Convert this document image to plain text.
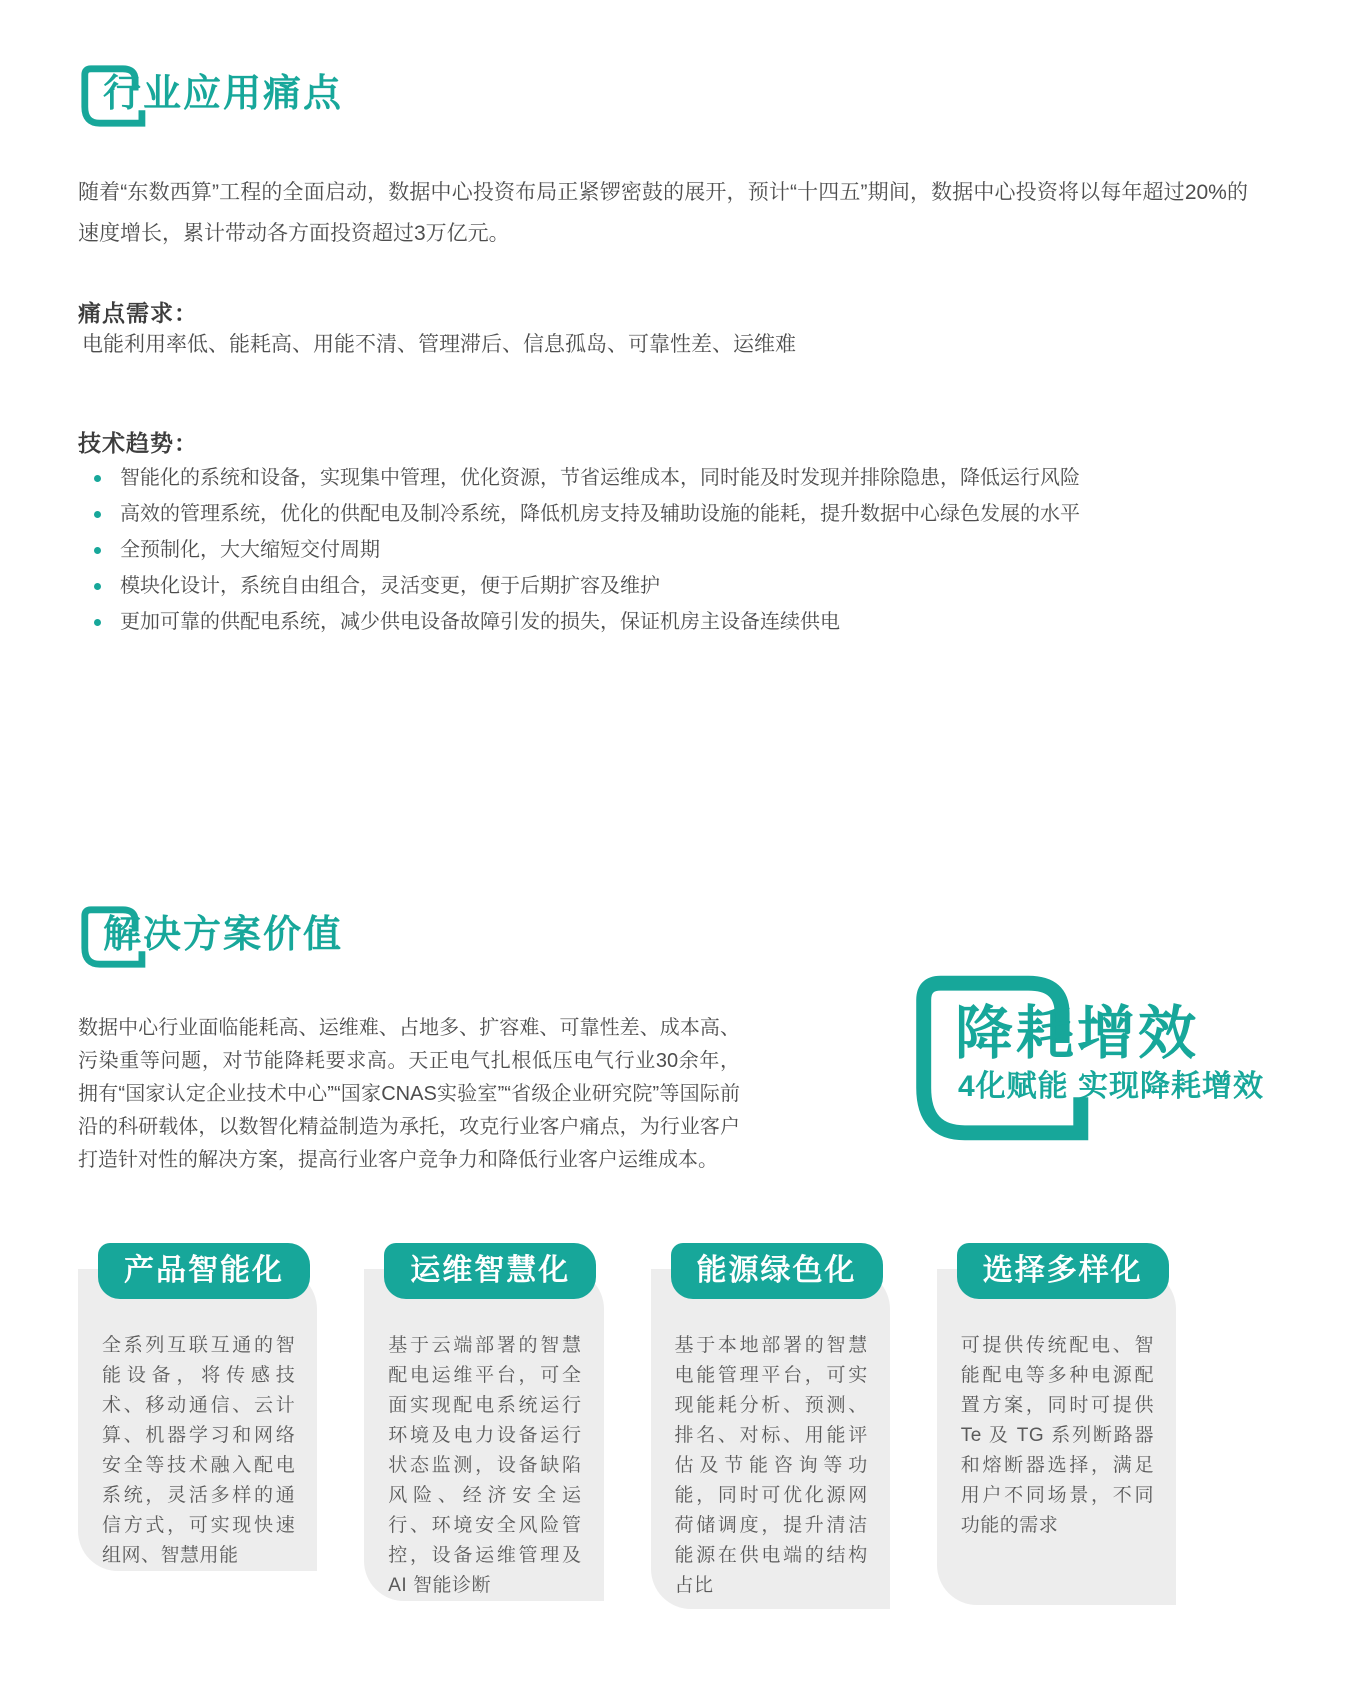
行业应用痛点

随着“东数西算”工程的全面启动，数据中心投资布局正紧锣密鼓的展开，预计“十四五”期间，数据中心投资将以每年超过20%的速度增长，累计带动各方面投资超过3万亿元。

痛点需求：

电能利用率低、能耗高、用能不清、管理滞后、信息孤岛、可靠性差、运维难

技术趋势：
智能化的系统和设备，实现集中管理，优化资源，节省运维成本，同时能及时发现并排除隐患，降低运行风险
高效的管理系统，优化的供配电及制冷系统，降低机房支持及辅助设施的能耗，提升数据中心绿色发展的水平
全预制化，大大缩短交付周期
模块化设计，系统自由组合，灵活变更，便于后期扩容及维护
更加可靠的供配电系统，减少供电设备故障引发的损失，保证机房主设备连续供电
解决方案价值

数据中心行业面临能耗高、运维难、占地多、扩容难、可靠性差、成本高、污染重等问题，对节能降耗要求高。天正电气扎根低压电气行业30余年，拥有“国家认定企业技术中心”“国家CNAS实验室”“省级企业研究院”等国际前沿的科研载体，以数智化精益制造为承托，攻克行业客户痛点，为行业客户打造针对性的解决方案，提高行业客户竞争力和降低行业客户运维成本。

降耗增效
4化赋能 实现降耗增效

全系列互联互通的智能设备，将传感技术、移动通信、云计算、机器学习和网络安全等技术融入配电系统，灵活多样的通信方式，可实现快速组网、智慧用能

产品智能化

基于云端部署的智慧配电运维平台，可全面实现配电系统运行环境及电力设备运行状态监测，设备缺陷风险、经济安全运行、环境安全风险管控，设备运维管理及 AI 智能诊断

运维智慧化

基于本地部署的智慧电能管理平台，可实现能耗分析、预测、排名、对标、用能评估及节能咨询等功能，同时可优化源网荷储调度，提升清洁能源在供电端的结构占比

能源绿色化

可提供传统配电、智能配电等多种电源配置方案，同时可提供 Te 及 TG 系列断路器和熔断器选择，满足用户不同场景，不同功能的需求

选择多样化
